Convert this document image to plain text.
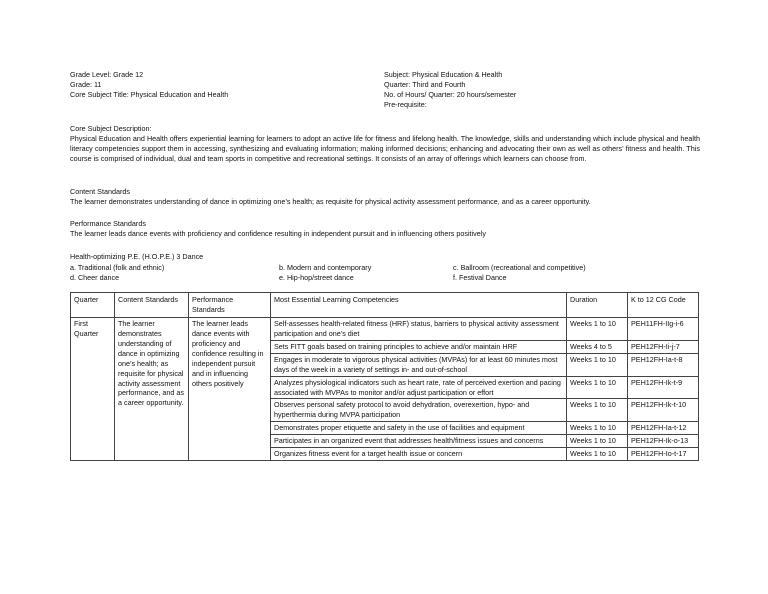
Grade Level: Grade 12
Grade: 11
Core Subject Title: Physical Education and Health
Subject: Physical Education & Health
Quarter: Third and Fourth
No. of Hours/ Quarter: 20 hours/semester
Pre-requisite:
Core Subject Description:
Physical Education and Health offers experiential learning for learners to adopt an active life for fitness and lifelong health. The knowledge, skills and understanding which include physical and health literacy competencies support them in accessing, synthesizing and evaluating information; making informed decisions; enhancing and advocating their own as well as others’ fitness and health. This course is comprised of individual, dual and team sports in competitive and recreational settings. It consists of an array of offerings which learners can choose from.
Content Standards
The learner demonstrates understanding of dance in optimizing one’s health; as requisite for physical activity assessment performance, and as a career opportunity.
Performance Standards
The learner leads dance events with proficiency and confidence resulting in independent pursuit and in influencing others positively
Health-optimizing P.E. (H.O.P.E.) 3 Dance
a. Traditional (folk and ethnic)	b. Modern and contemporary	c. Ballroom (recreational and competitive)
d. Cheer dance	e. Hip-hop/street dance	f. Festival Dance
Quarter	Content Standards	Performance Standards	Most Essential Learning Competencies	Duration	K to 12 CG Code
First Quarter	The learner demonstrates understanding of dance in optimizing one’s health; as requisite for physical activity assessment performance, and as a career opportunity.	The learner leads dance events with proficiency and confidence resulting in independent pursuit and in influencing others positively	Self-assesses health-related fitness (HRF) status, barriers to physical activity assessment participation and one’s diet	Weeks 1 to 10	PEH11FH-IIg-i-6
			Sets FITT goals based on training principles to achieve and/or maintain HRF	Weeks 4 to 5	PEH12FH-Ii-j-7
			Engages in moderate to vigorous physical activities (MVPAs) for at least 60 minutes most days of the week in a variety of settings in- and out-of-school	Weeks 1 to 10	PEH12FH-Ia-t-8
			Analyzes physiological indicators such as heart rate, rate of perceived exertion and pacing associated with MVPAs to monitor and/or adjust participation or effort	Weeks 1 to 10	PEH12FH-Ik-t-9
			Observes personal safety protocol to avoid dehydration, overexertion, hypo- and hyperthermia during MVPA participation	Weeks 1 to 10	PEH12FH-Ik-t-10
			Demonstrates proper etiquette and safety in the use of facilities and equipment	Weeks 1 to 10	PEH12FH-Ia-t-12
			Participates in an organized event that addresses health/fitness issues and concerns	Weeks 1 to 10	PEH12FH-Ik-o-13
			Organizes fitness event for a target health issue or concern	Weeks 1 to 10	PEH12FH-Io-t-17
